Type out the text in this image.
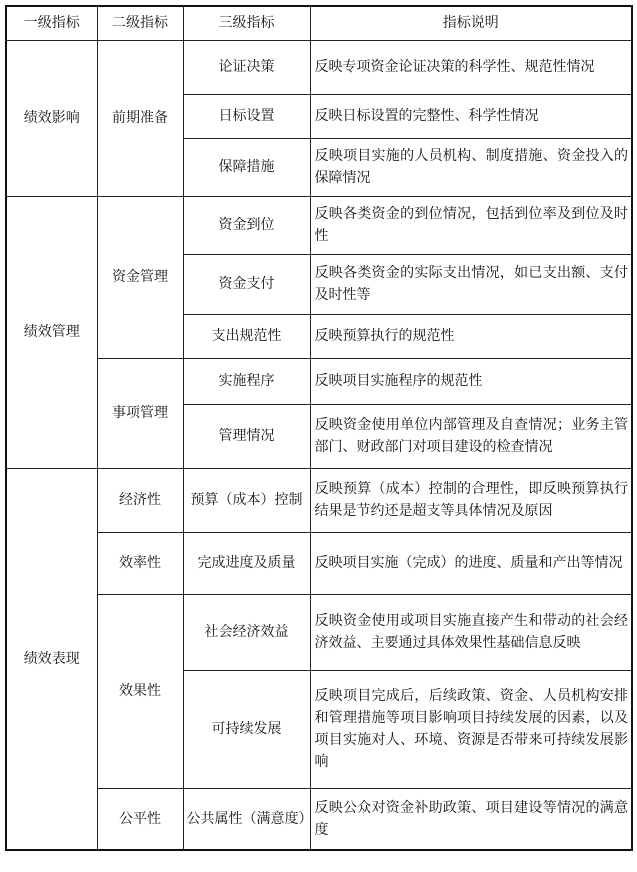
一级指标	二级指标	三级指标	指标说明
绩效影响	前期准备	论证决策	反映专项资金论证决策的科学性、规范性情况
		日标设置	反映日标设置的完整性、科学性情况
		保障措施	反映项目实施的人员机构、制度措施、资金投入的保障情况
绩效管理	资金管理	资金到位	反映各类资金的到位情况，包括到位率及到位及时性
		资金支付	反映各类资金的实际支出情况，如已支出额、支付及时性等
		支出规范性	反映预算执行的规范性
	事项管理	实施程序	反映项目实施程序的规范性
		管理情况	反映资金使用单位内部管理及自查情况；业务主管部门、财政部门对项目建设的检查情况
绩效表现	经济性	预算（成本）控制	反映预算（成本）控制的合理性，即反映预算执行结果是节约还是超支等具体情况及原因
	效率性	完成进度及质量	反映项目实施（完成）的进度、质量和产出等情况
	效果性	社会经济效益	反映资金使用或项目实施直接产生和带动的社会经济效益、主要通过具体效果性基础信息反映
		可持续发展	反映项目完成后，后续政策、资金、人员机构安排和管理措施等项目影响项目持续发展的因素，以及项目实施对人、环境、资源是否带来可持续发展影响
	公平性	公共属性（满意度）	反映公众对资金补助政策、项目建设等情况的满意度
